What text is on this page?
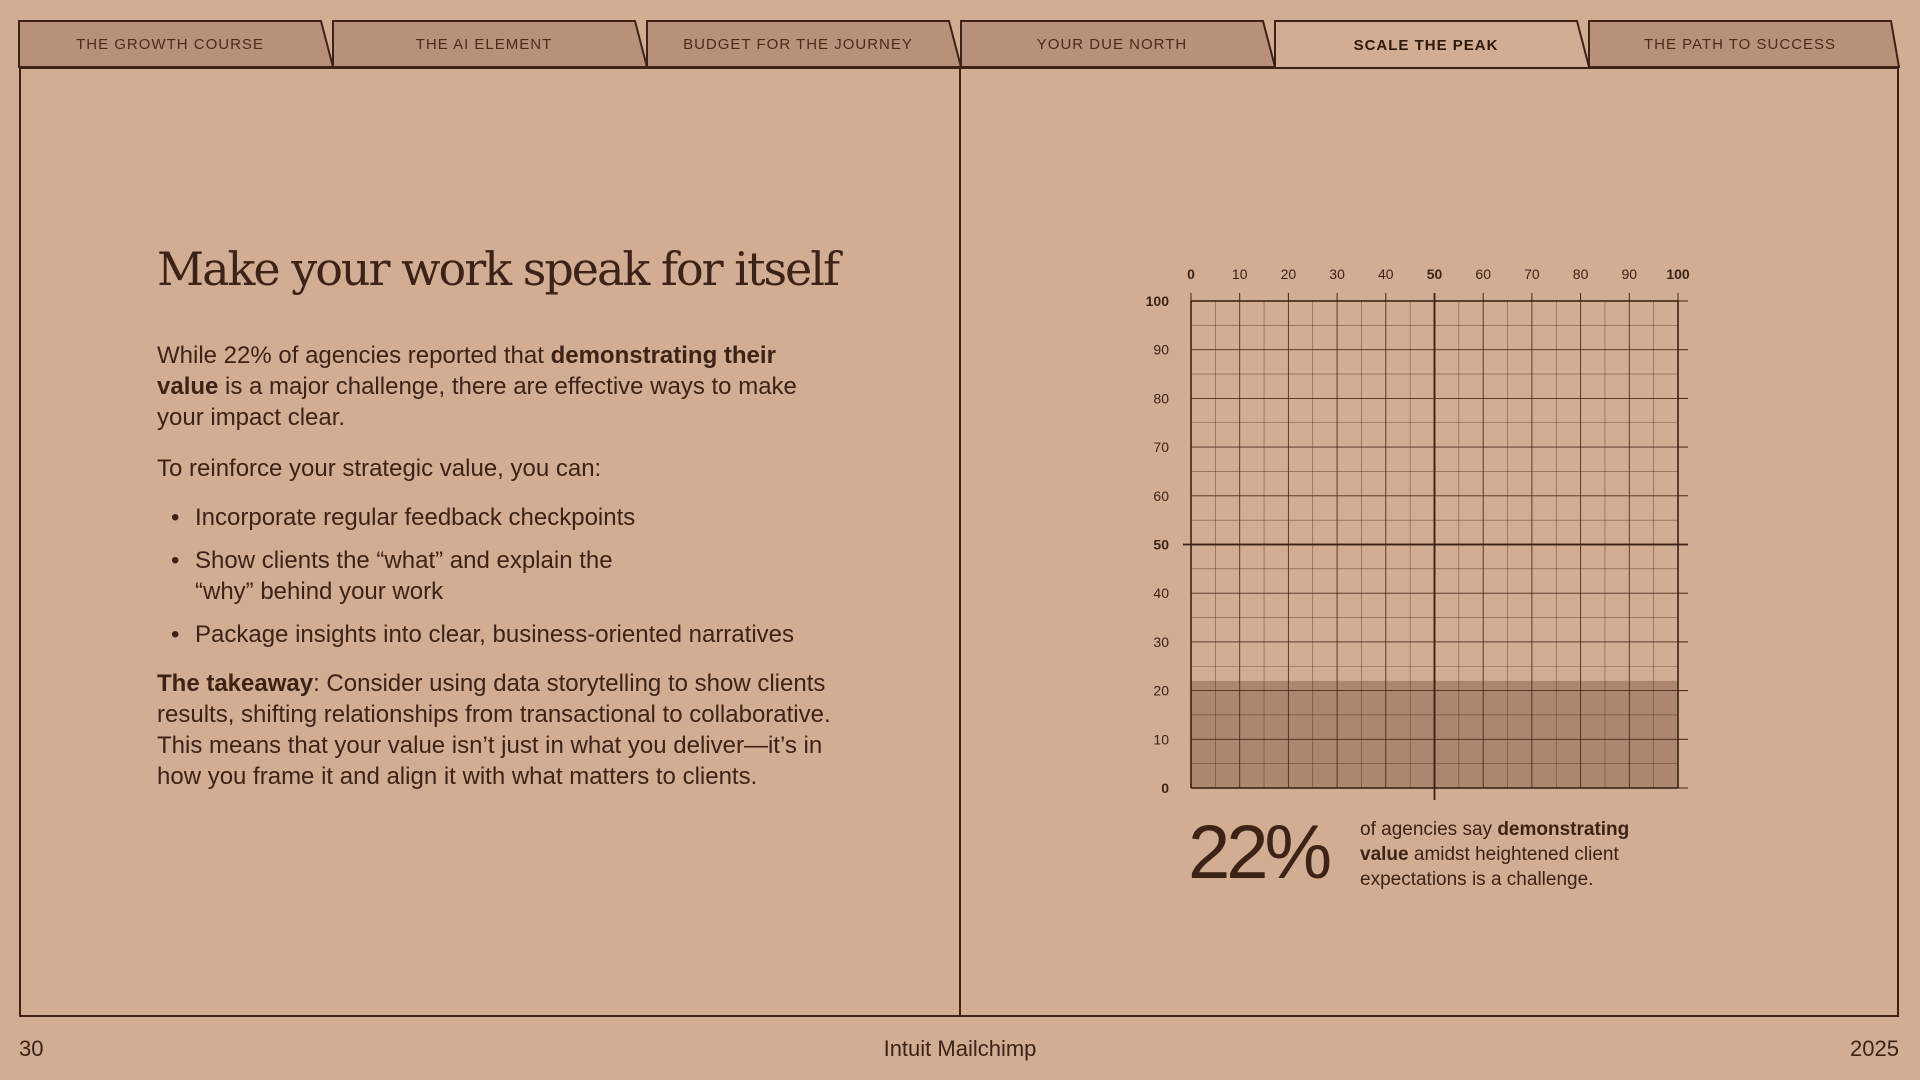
THE GROWTH COURSE	THE AI ELEMENT	BUDGET FOR THE JOURNEY	YOUR DUE NORTH	SCALE THE PEAK	THE PATH TO SUCCESS
Make your work speak for itself

While 22% of agencies reported that demonstrating their value is a major challenge, there are effective ways to make your impact clear.

To reinforce your strategic value, you can:

• Incorporate regular feedback checkpoints
• Show clients the “what” and explain the “why” behind your work
• Package insights into clear, business-oriented narratives

The takeaway: Consider using data storytelling to show clients results, shifting relationships from transactional to collaborative. This means that your value isn’t just in what you deliver—it’s in how you frame it and align it with what matters to clients.

0	10 20 30 40 50 60 70 80 90 100
0
10
20
30
40
50
60
70
80
90
100
22% of agencies say demonstrating value amidst heightened client expectations is a challenge.
30	Intuit Mailchimp	2025
